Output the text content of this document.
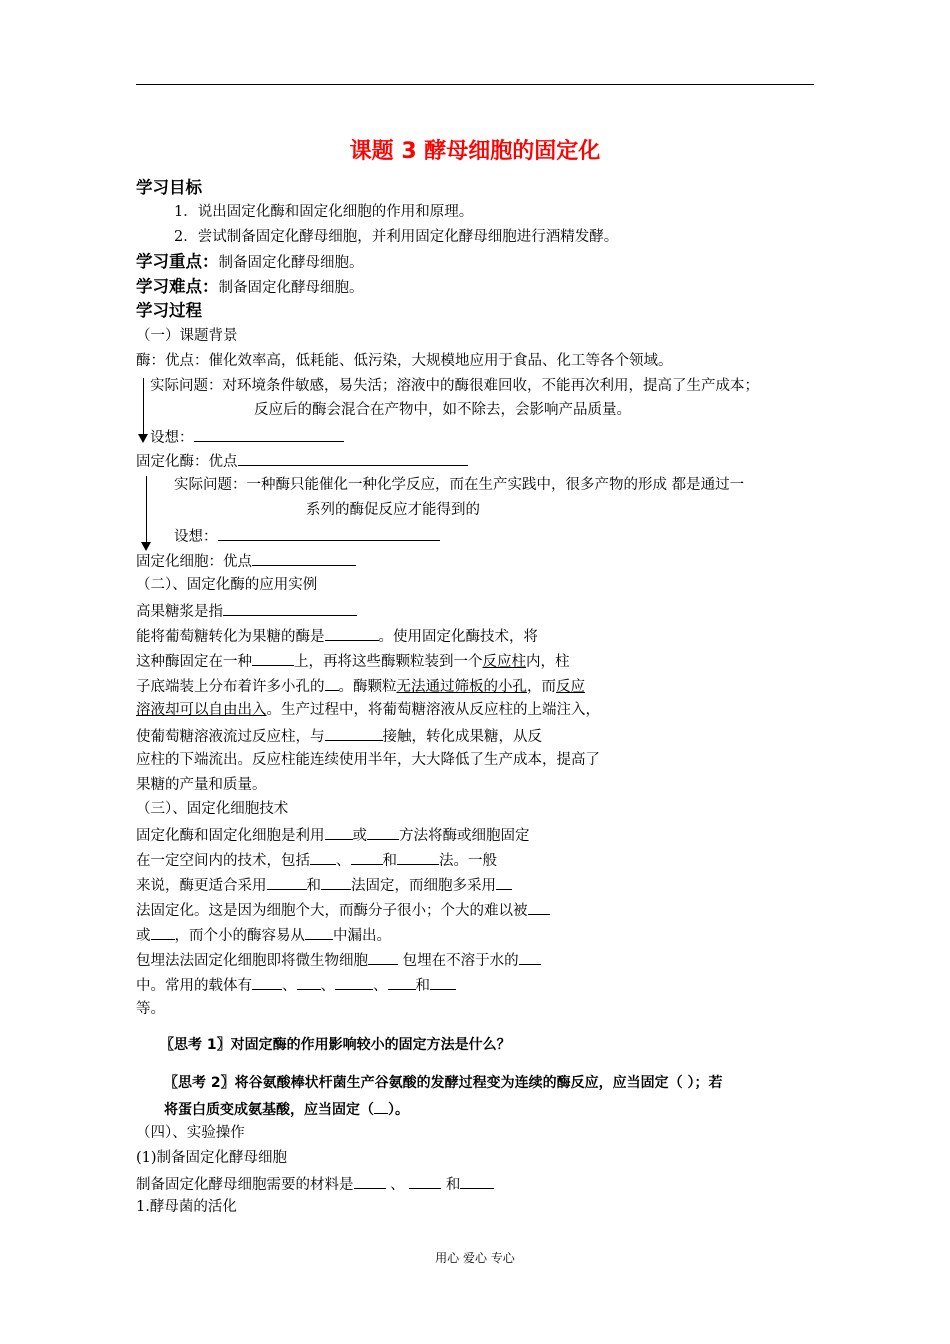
课题 3 酵母细胞的固定化
学习目标
1．说出固定化酶和固定化细胞的作用和原理。
2．尝试制备固定化酵母细胞，并利用固定化酵母细胞进行酒精发酵。
学习重点：制备固定化酵母细胞。
学习难点：制备固定化酵母细胞。
学习过程
（一）课题背景
酶：优点：催化效率高，低耗能、低污染，大规模地应用于食品、化工等各个领域。
实际问题：对环境条件敏感，易失活；溶液中的酶很难回收，不能再次利用，提高了生产成本；
反应后的酶会混合在产物中，如不除去，会影响产品质量。
设想：
固定化酶：优点
实际问题：一种酶只能催化一种化学反应，而在生产实践中，很多产物的形成 都是通过一
系列的酶促反应才能得到的
设想：
固定化细胞：优点
（二）、固定化酶的应用实例
高果糖浆是指
能将葡萄糖转化为果糖的酶是	。使用固定化酶技术，将
这种酶固定在一种	上，再将这些酶颗粒装到一个反应柱内，柱
子底端装上分布着许多小孔的 。酶颗粒无法通过筛板的小孔，而反应
溶液却可以自由出入。生产过程中，将葡萄糖溶液从反应柱的上端注入，
使葡萄糖溶液流过反应柱，与	接触，转化成果糖，从反
应柱的下端流出。反应柱能连续使用半年，大大降低了生产成本，提高了
果糖的产量和质量。
（三）、固定化细胞技术
固定化酶和固定化细胞是利用 或 方法将酶或细胞固定
在一定空间内的技术，包括 、 和	法。一般
来说，酶更适合采用	和 法固定，而细胞多采用
法固定化。这是因为细胞个大，而酶分子很小；个大的难以被
或 ，而个小的酶容易从 中漏出。
包埋法法固定化细胞即将微生物细胞 包埋在不溶于水的
中。常用的载体有 、 、	、 和
等。
〖思考 1〗对固定酶的作用影响较小的固定方法是什么？
〖思考 2〗将谷氨酸棒状杆菌生产谷氨酸的发酵过程变为连续的酶反应，应当固定（ ）；若
将蛋白质变成氨基酸，应当固定（ ）。
（四）、实验操作
(1)制备固定化酵母细胞
制备固定化酵母细胞需要的材料是	、	和
1.酵母菌的活化
用心 爱心 专心
